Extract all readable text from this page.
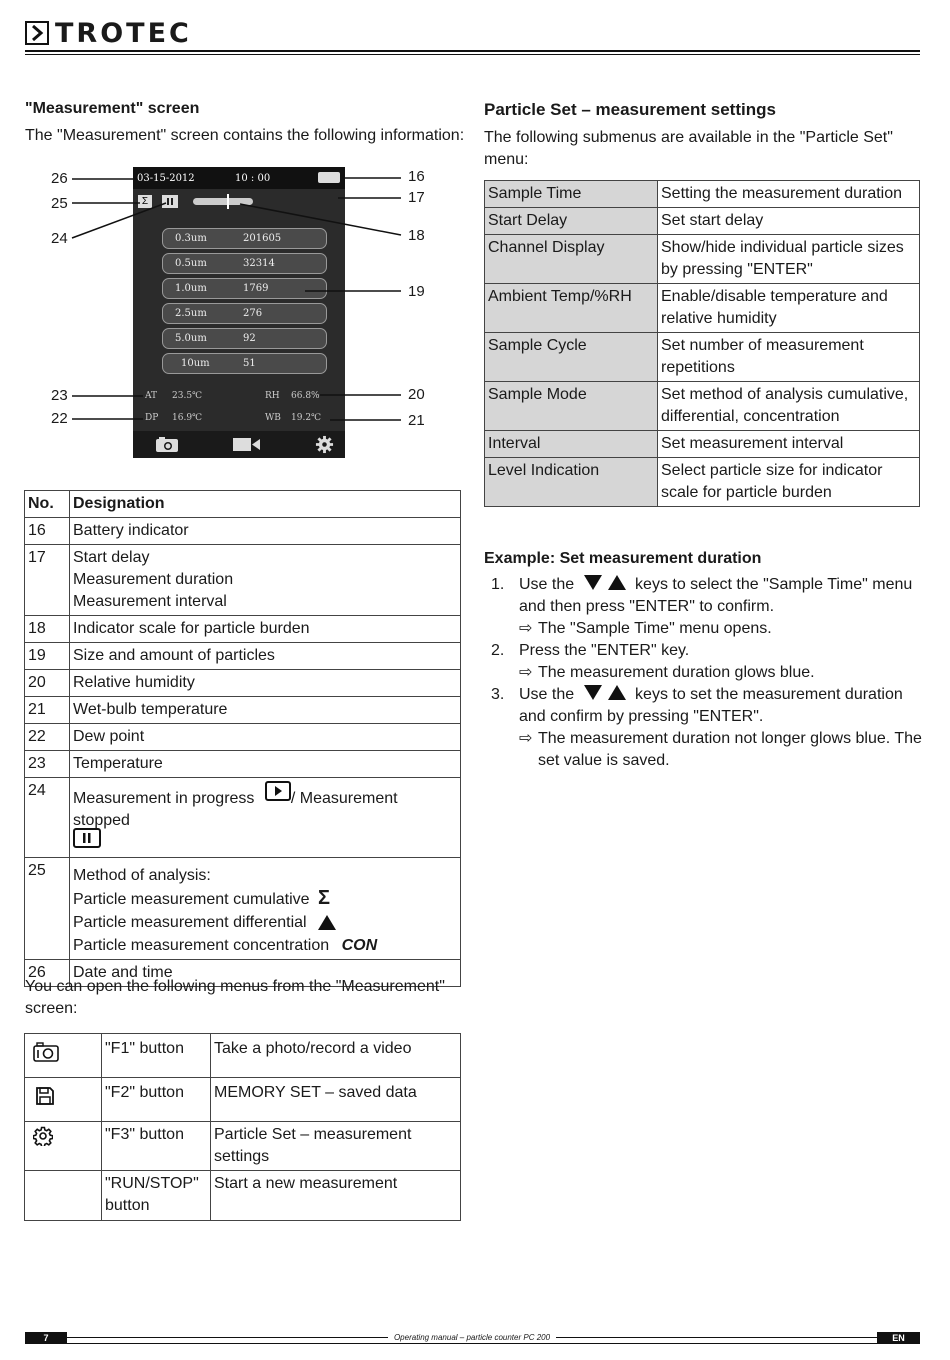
TROTEC
"Measurement" screen

The "Measurement" screen contains the following information:

03-15-2012	10 : 00
Σ
0.3um	201605
0.5um	32314
1.0um	1769
2.5um	276
5.0um	92
10um	51
AT 23.5℃	RH 66.8%
DP 16.9℃	WB 19.2℃
26
25
24
23
22
16
17
18
19
20
21
No.	Designation
16	Battery indicator
17	Start delay
Measurement duration
Measurement interval

18	Indicator scale for particle burden
19	Size and amount of particles
20	Relative humidity
21	Wet-bulb temperature
22	Dew point
23	Temperature
24	Measurement in progress / Measurement stopped

25	Method of analysis:
Particle measurement cumulative Σ
Particle measurement differential
Particle measurement concentration CON

26	Date and time

You can open the following menus from the "Measurement" screen:

	"F1" button	Take a photo/record a video
	"F2" button	MEMORY SET – saved data
	"F3" button	Particle Set – measurement settings
	"RUN/STOP" button	Start a new measurement
Particle Set – measurement settings

The following submenus are available in the "Particle Set" menu:

Sample Time	Setting the measurement duration
Start Delay	Set start delay
Channel Display	Show/hide individual particle sizes by pressing "ENTER"
Ambient Temp/%RH	Enable/disable temperature and relative humidity
Sample Cycle	Set number of measurement repetitions
Sample Mode	Set method of analysis cumulative, differential, concentration
Interval	Set measurement interval
Level Indication	Select particle size for indicator scale for particle burden
Example: Set measurement duration
1. Use the	keys to select the "Sample Time" menu and then press "ENTER" to confirm.
⇨ The "Sample Time" menu opens.
2. Press the "ENTER" key.
⇨ The measurement duration glows blue.
3. Use the	keys to set the measurement duration and confirm by pressing "ENTER".
⇨ The measurement duration not longer glows blue. The set value is saved.
7	Operating manual – particle counter PC 200	EN
